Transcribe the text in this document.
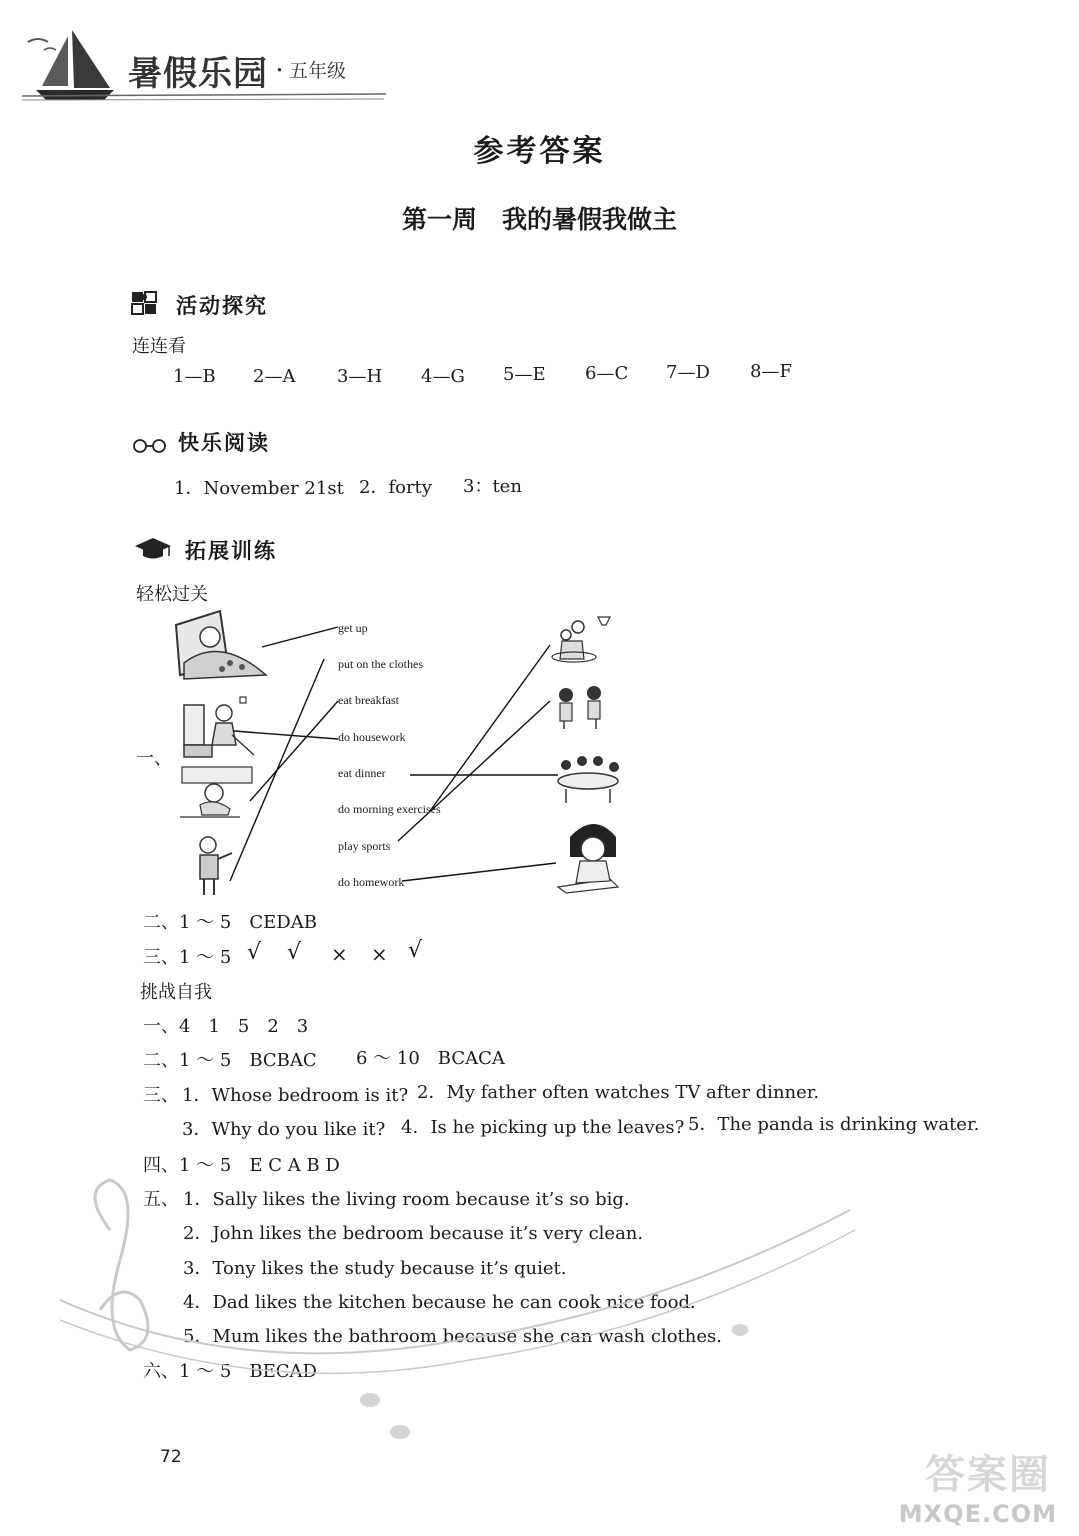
暑假乐园 ・五年级
参考答案
第一周　我的暑假我做主
活动探究
连连看
1—B 2—A 3—H 4—G 5—E 6—C 7—D 8—F
快乐阅读
1．November 21st 2．forty 3：ten
拓展训练
轻松过关
一、
get up
put on the clothes
eat breakfast
do housework
eat dinner
do morning exercises
play sports
do homework
二、1 ～ 5　CEDAB
三、1 ～ 5 √ √ × × √
挑战自我
一、4　1　5　2　3
二、1 ～ 5　BCBAC 6 ～ 10　BCACA
三、 1．Whose bedroom is it? 2．My father often watches TV after dinner.
3．Why do you like it? 4．Is he picking up the leaves? 5．The panda is drinking water.
四、1 ～ 5　E C A B D
五、 1．Sally likes the living room because it’s so big.
2．John likes the bedroom because it’s very clean.
3．Tony likes the study because it’s quiet.
4．Dad likes the kitchen because he can cook nice food.
5．Mum likes the bathroom because she can wash clothes.
六、1 ～ 5　BECAD
72	答案圈
MXQE.COM
